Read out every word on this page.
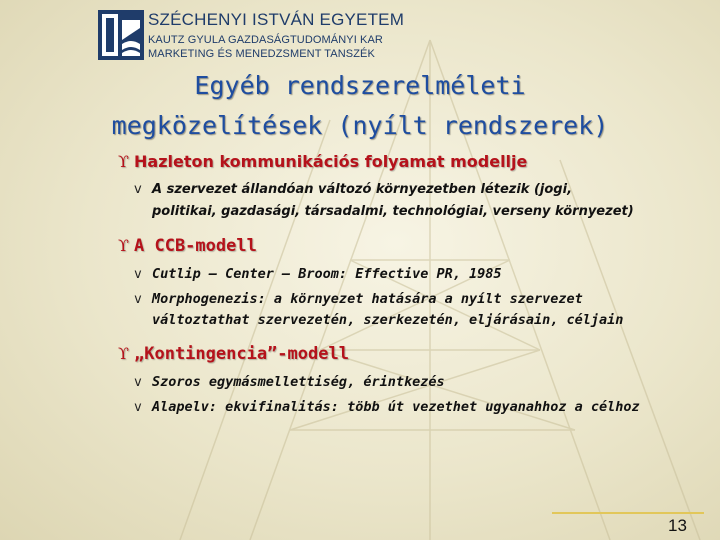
SZÉCHENYI ISTVÁN EGYETEM
KAUTZ GYULA GAZDASÁGTUDOMÁNYI KAR
MARKETING ÉS MENEDZSMENT TANSZÉK
Egyéb rendszerelméleti
megközelítések (nyílt rendszerek)
ϒ Hazleton kommunikációs folyamat modellje
v A szervezet állandóan változó környezetben létezik (jogi,
politikai, gazdasági, társadalmi, technológiai, verseny környezet)
ϒ A CCB-modell
v Cutlip – Center – Broom: Effective PR, 1985
v Morphogenezis: a környezet hatására a nyílt szervezet
változtathat szervezetén, szerkezetén, eljárásain, céljain
ϒ „Kontingencia”-modell
v Szoros egymásmellettiség, érintkezés
v Alapelv: ekvifinalitás: több út vezethet ugyanahhoz a célhoz
13
